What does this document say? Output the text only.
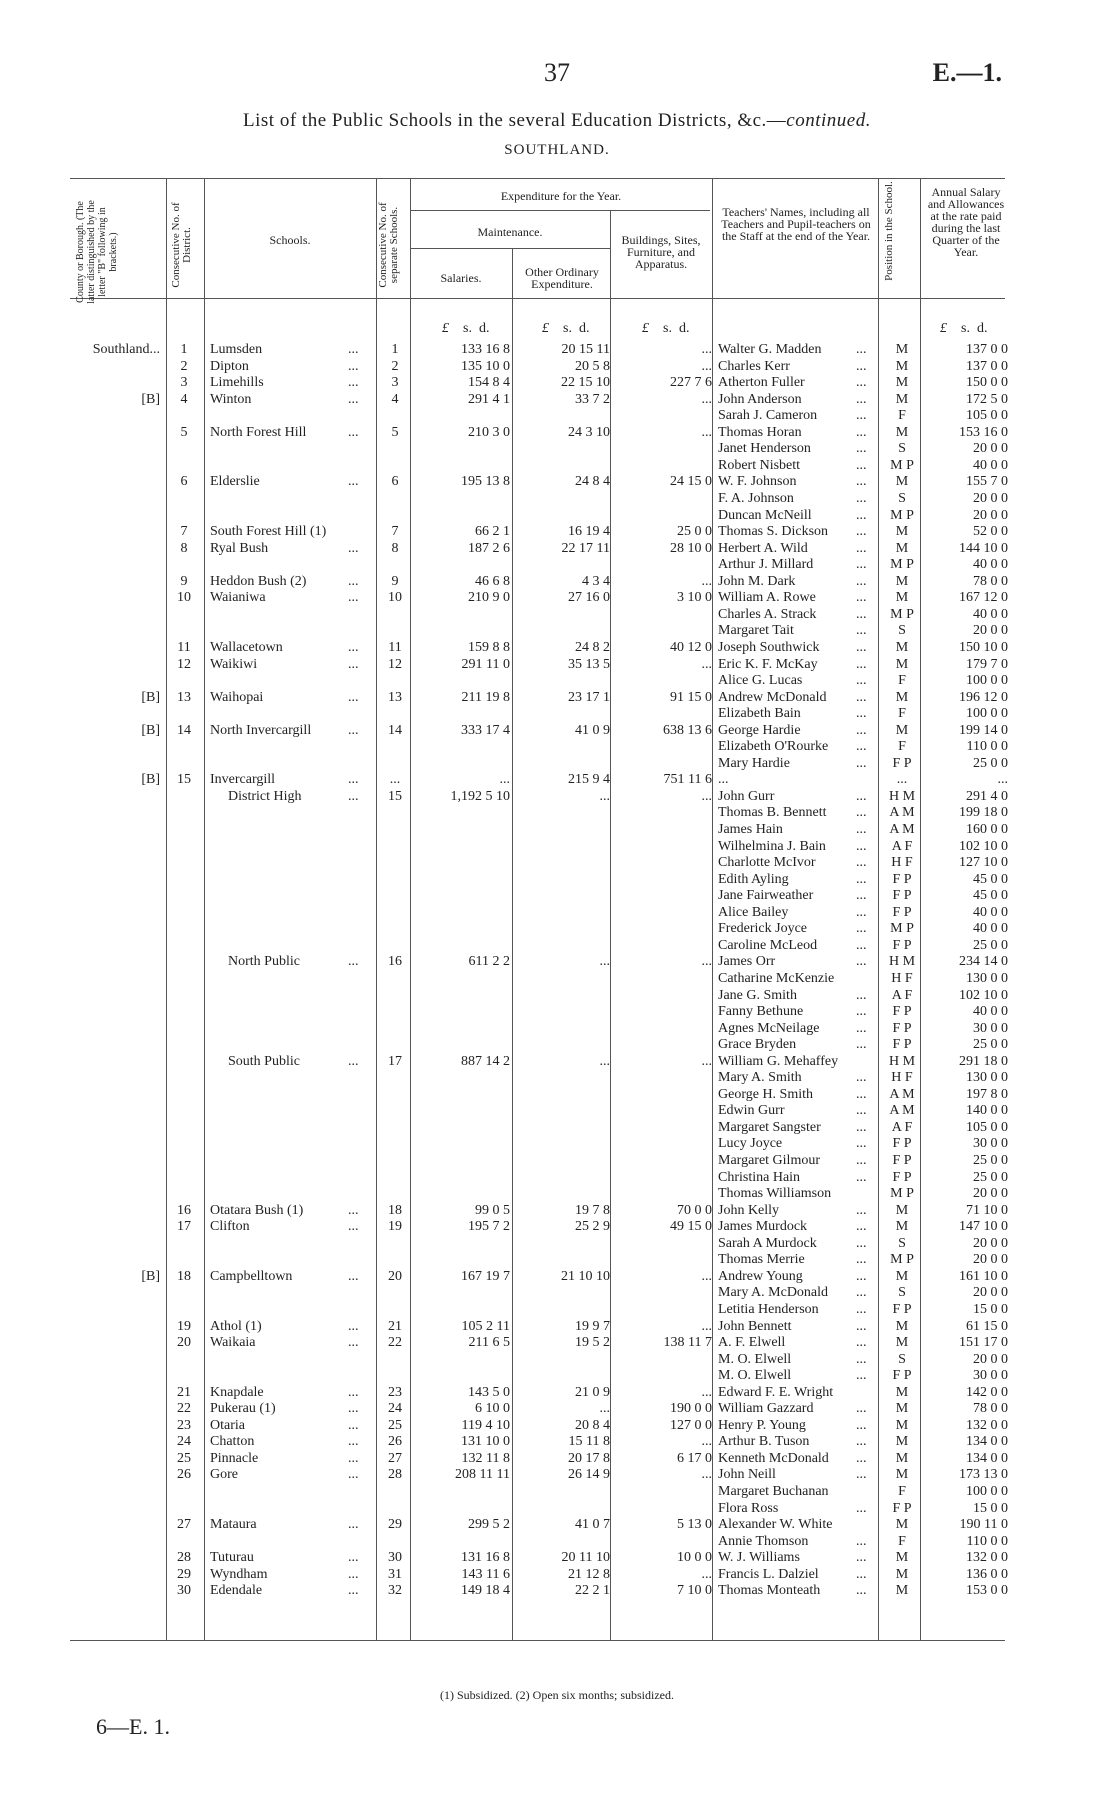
37	E.—1.
List of the Public Schools in the several Education Districts, &c.—continued.
SOUTHLAND.
County or Borough. (The latter distinguished by the letter "B" following in brackets.)	Consecutive No. of District.	Schools.	Consecutive No. of separate Schools.
Expenditure for the Year.
Maintenance.
Salaries.	Other Ordinary Expenditure.
Buildings, Sites, Furniture, and Apparatus.
Teachers' Names, including all Teachers and Pupil-teachers on the Staff at the end of the Year.	Position in the School.	Annual Salary and Allowances at the rate paid during the last Quarter of the Year.
£ s. d.	£ s. d.	£ s. d.	£ s. d.
Southland...	1	Lumsden	...	1	133 16 8	20 15 11	... Walter G. Madden ...	M	137 0 0
2	Dipton	...	2	135 10 0	20 5 8	... Charles Kerr	...	M	137 0 0
3	Limehills	...	3	154 8 4	22 15 10	227 7 6 Atherton Fuller	...	M	150 0 0
[B]	4	Winton	...	4	291 4 1	33 7 2	... John Anderson	...	M	172 5 0
Sarah J. Cameron	...	F	105 0 0
5	North Forest Hill	...	5	210 3 0	24 3 10	... Thomas Horan	...	M	153 16 0
Janet Henderson	...	S	20 0 0
Robert Nisbett	...	M P	40 0 0
6	Elderslie	...	6	195 13 8	24 8 4	24 15 0 W. F. Johnson	...	M	155 7 0
F. A. Johnson	...	S	20 0 0
Duncan McNeill	...	M P	20 0 0
7	South Forest Hill (1)	7	66 2 1	16 19 4	25 0 0 Thomas S. Dickson ...	M	52 0 0
8	Ryal Bush	...	8	187 2 6	22 17 11	28 10 0 Herbert A. Wild	...	M	144 10 0
Arthur J. Millard	...	M P	40 0 0
9	Heddon Bush (2)	...	9	46 6 8	4 3 4	... John M. Dark	...	M	78 0 0
10	Waianiwa	...	10	210 9 0	27 16 0	3 10 0 William A. Rowe	...	M	167 12 0
Charles A. Strack	...	M P	40 0 0
Margaret Tait	...	S	20 0 0
11	Wallacetown	...	11	159 8 8	24 8 2	40 12 0 Joseph Southwick	...	M	150 10 0
12	Waikiwi	...	12	291 11 0	35 13 5	... Eric K. F. McKay	...	M	179 7 0
Alice G. Lucas	...	F	100 0 0
[B]	13	Waihopai	...	13	211 19 8	23 17 1	91 15 0 Andrew McDonald ...	M	196 12 0
Elizabeth Bain	...	F	100 0 0
[B]	14	North Invercargill	...	14	333 17 4	41 0 9	638 13 6 George Hardie	...	M	199 14 0
Elizabeth O'Rourke ...	F	110 0 0
Mary Hardie	...	F P	25 0 0
[B]	15	Invercargill	...	...	...	215 9 4	751 11 6 ...	...	...
District High	...	15	1,192 5 10	...	... John Gurr	...	H M	291 4 0
Thomas B. Bennett ...	A M	199 18 0
James Hain	...	A M	160 0 0
Wilhelmina J. Bain ...	A F	102 10 0
Charlotte McIvor	...	H F	127 10 0
Edith Ayling	...	F P	45 0 0
Jane Fairweather	...	F P	45 0 0
Alice Bailey	...	F P	40 0 0
Frederick Joyce	...	M P	40 0 0
Caroline McLeod	...	F P	25 0 0
North Public	...	16	611 2 2	...	... James Orr	...	H M	234 14 0
Catharine McKenzie	H F	130 0 0
Jane G. Smith	...	A F	102 10 0
Fanny Bethune	...	F P	40 0 0
Agnes McNeilage	...	F P	30 0 0
Grace Bryden	...	F P	25 0 0
South Public	...	17	887 14 2	...	... William G. Mehaffey	H M	291 18 0
Mary A. Smith	...	H F	130 0 0
George H. Smith	...	A M	197 8 0
Edwin Gurr	...	A M	140 0 0
Margaret Sangster	...	A F	105 0 0
Lucy Joyce	...	F P	30 0 0
Margaret Gilmour	...	F P	25 0 0
Christina Hain	...	F P	25 0 0
Thomas Williamson	M P	20 0 0
16	Otatara Bush (1)	...	18	99 0 5	19 7 8	70 0 0 John Kelly	...	M	71 10 0
17	Clifton	...	19	195 7 2	25 2 9	49 15 0 James Murdock	...	M	147 10 0
Sarah A Murdock	...	S	20 0 0
Thomas Merrie	...	M P	20 0 0
[B]	18	Campbelltown	...	20	167 19 7	21 10 10	... Andrew Young	...	M	161 10 0
Mary A. McDonald ...	S	20 0 0
Letitia Henderson	...	F P	15 0 0
19	Athol (1)	...	21	105 2 11	19 9 7	... John Bennett	...	M	61 15 0
20	Waikaia	...	22	211 6 5	19 5 2	138 11 7 A. F. Elwell	...	M	151 17 0
M. O. Elwell	...	S	20 0 0
M. O. Elwell	...	F P	30 0 0
21	Knapdale	...	23	143 5 0	21 0 9	... Edward F. E. Wright	M	142 0 0
22	Pukerau (1)	...	24	6 10 0	...	190 0 0 William Gazzard	...	M	78 0 0
23	Otaria	...	25	119 4 10	20 8 4	127 0 0 Henry P. Young	...	M	132 0 0
24	Chatton	...	26	131 10 0	15 11 8	... Arthur B. Tuson	...	M	134 0 0
25	Pinnacle	...	27	132 11 8	20 17 8	6 17 0 Kenneth McDonald ...	M	134 0 0
26	Gore	...	28	208 11 11	26 14 9	... John Neill	...	M	173 13 0
Margaret Buchanan	F	100 0 0
Flora Ross	...	F P	15 0 0
27	Mataura	...	29	299 5 2	41 0 7	5 13 0 Alexander W. White	M	190 11 0
Annie Thomson	...	F	110 0 0
28	Tuturau	...	30	131 16 8	20 11 10	10 0 0 W. J. Williams	...	M	132 0 0
29	Wyndham	...	31	143 11 6	21 12 8	... Francis L. Dalziel	...	M	136 0 0
30	Edendale	...	32	149 18 4	22 2 1	7 10 0 Thomas Monteath	...	M	153 0 0
(1) Subsidized. (2) Open six months; subsidized.
6—E. 1.
